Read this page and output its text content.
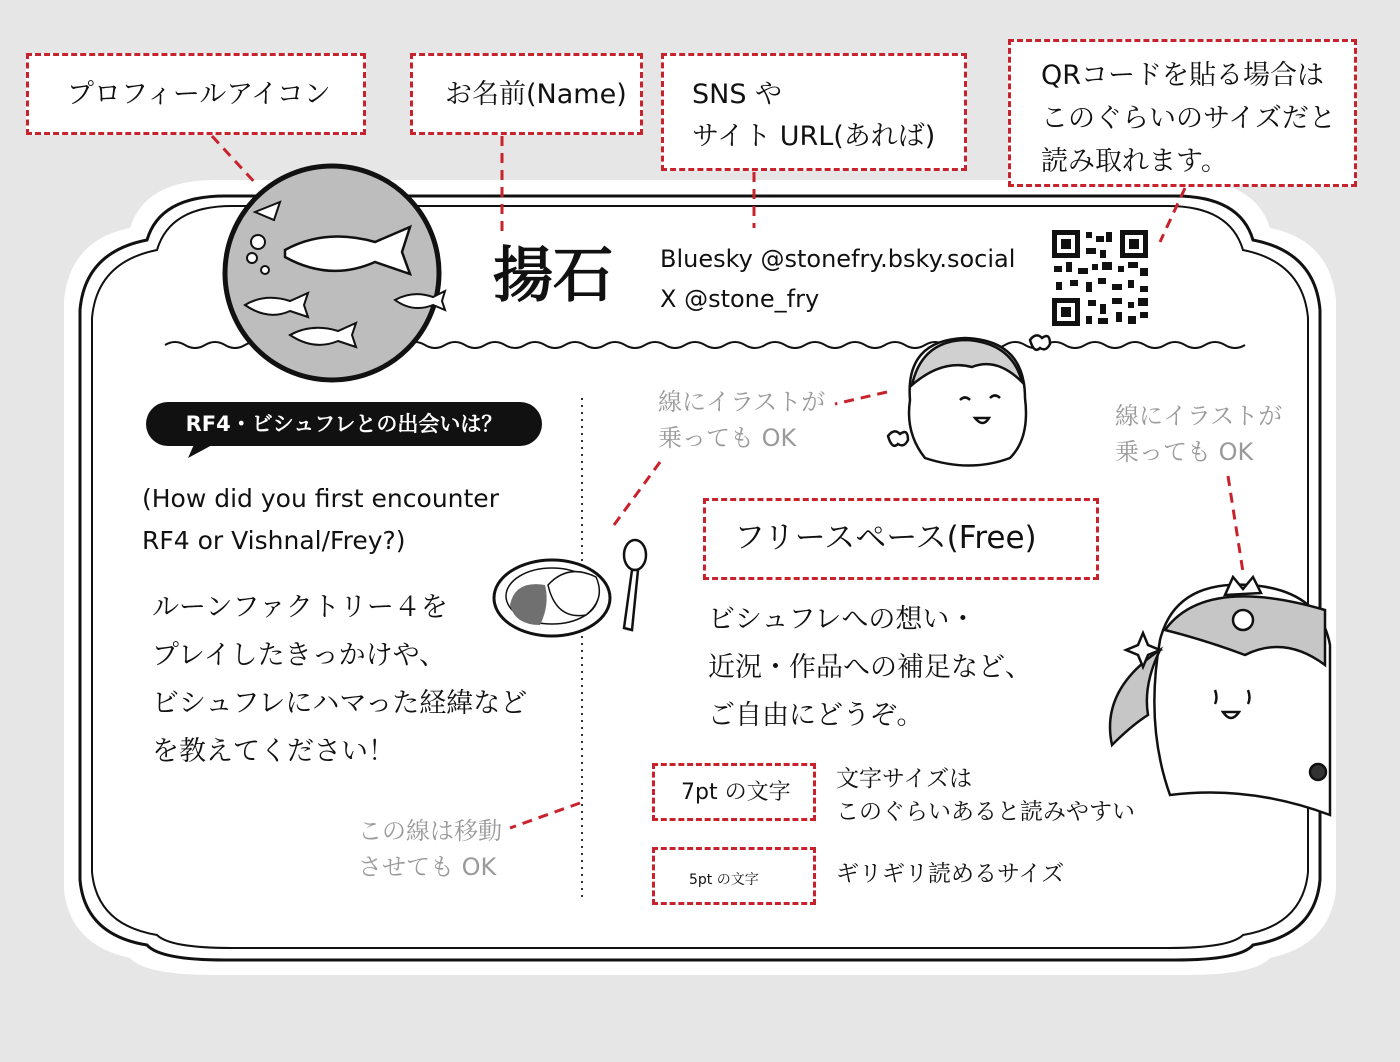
プロフィールアイコン	お名前(Name)	SNS や
サイト URL(あれば)
QRコードを貼る場合は
このぐらいのサイズだと
読み取れます。
揚石 Bluesky @stonefry.bsky.social
X @stone_fry
RF4・ビシュフレとの出会いは？
(How did you first encounter
RF4 or Vishnal/Frey?)
ルーンファクトリー４を
プレイしたきっかけや、
ビシュフレにハマった経緯など
を教えてください！
この線は移動
させても OK
線にイラストが
乗っても OK
線にイラストが
乗っても OK
フリースペース(Free)
ビシュフレへの想い・
近況・作品への補足など、
ご自由にどうぞ。
7pt の文字
文字サイズは
このぐらいあると読みやすい
5pt の文字	ギリギリ読めるサイズ
